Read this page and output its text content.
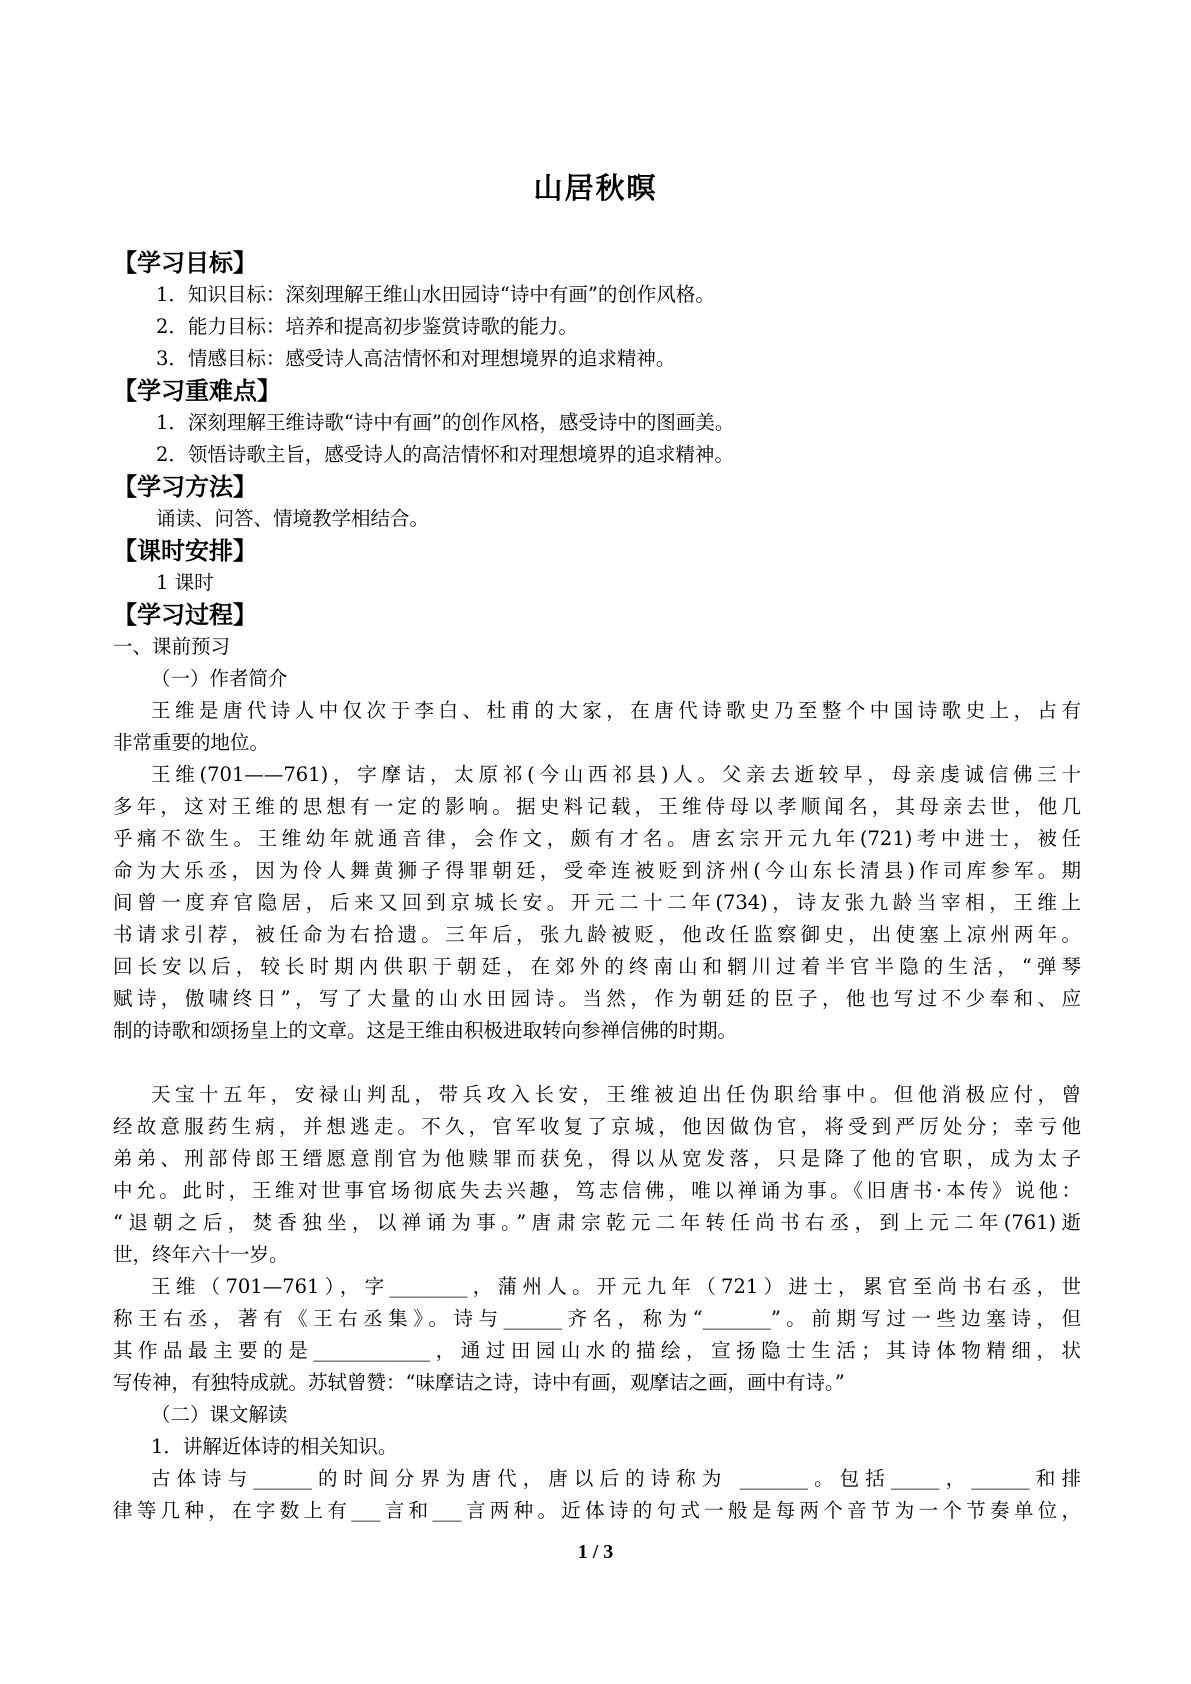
山居秋暝
【学习目标】
1．知识目标：深刻理解王维山水田园诗“诗中有画”的创作风格。
2．能力目标：培养和提高初步鉴赏诗歌的能力。
3．情感目标：感受诗人高洁情怀和对理想境界的追求精神。
【学习重难点】
1．深刻理解王维诗歌“诗中有画”的创作风格，感受诗中的图画美。
2．领悟诗歌主旨，感受诗人的高洁情怀和对理想境界的追求精神。
【学习方法】
诵读、问答、情境教学相结合。
【课时安排】
1 课时
【学习过程】
一、课前预习
（一）作者简介
王维是唐代诗人中仅次于李白、杜甫的大家，在唐代诗歌史乃至整个中国诗歌史上，占有
非常重要的地位。
王维(701——761)，字摩诘，太原祁(今山西祁县)人。父亲去逝较早，母亲虔诚信佛三十
多年，这对王维的思想有一定的影响。据史料记载，王维侍母以孝顺闻名，其母亲去世，他几
乎痛不欲生。王维幼年就通音律，会作文，颇有才名。唐玄宗开元九年(721)考中进士，被任
命为大乐丞，因为伶人舞黄狮子得罪朝廷，受牵连被贬到济州(今山东长清县)作司库参军。期
间曾一度弃官隐居，后来又回到京城长安。开元二十二年(734)，诗友张九龄当宰相，王维上
书请求引荐，被任命为右拾遗。三年后，张九龄被贬，他改任监察御史，出使塞上凉州两年。
回长安以后，较长时期内供职于朝廷，在郊外的终南山和辋川过着半官半隐的生活，“弹琴
赋诗，傲啸终日”，写了大量的山水田园诗。当然，作为朝廷的臣子，他也写过不少奉和、应
制的诗歌和颂扬皇上的文章。这是王维由积极进取转向参禅信佛的时期。
天宝十五年，安禄山判乱，带兵攻入长安，王维被迫出任伪职给事中。但他消极应付，曾
经故意服药生病，并想逃走。不久，官军收复了京城，他因做伪官，将受到严厉处分；幸亏他
弟弟、刑部侍郎王缙愿意削官为他赎罪而获免，得以从宽发落，只是降了他的官职，成为太子
中允。此时，王维对世事官场彻底失去兴趣，笃志信佛，唯以禅诵为事。《旧唐书·本传》说他：
“退朝之后，焚香独坐，以禅诵为事。”唐肃宗乾元二年转任尚书右丞，到上元二年(761)逝
世，终年六十一岁。
王维（701—761），字________，蒲州人。开元九年（721）进士，累官至尚书右丞，世
称王右丞，著有《王右丞集》。诗与______齐名，称为“_______”。前期写过一些边塞诗，但
其作品最主要的是____________，通过田园山水的描绘，宣扬隐士生活；其诗体物精细，状
写传神，有独特成就。苏轼曾赞：“味摩诘之诗，诗中有画，观摩诘之画，画中有诗。”
（二）课文解读
1．讲解近体诗的相关知识。
古体诗与______的时间分界为唐代，唐以后的诗称为 _______。包括_____，______和排
律等几种，在字数上有___言和___言两种。近体诗的句式一般是每两个音节为一个节奏单位，
1 / 3
